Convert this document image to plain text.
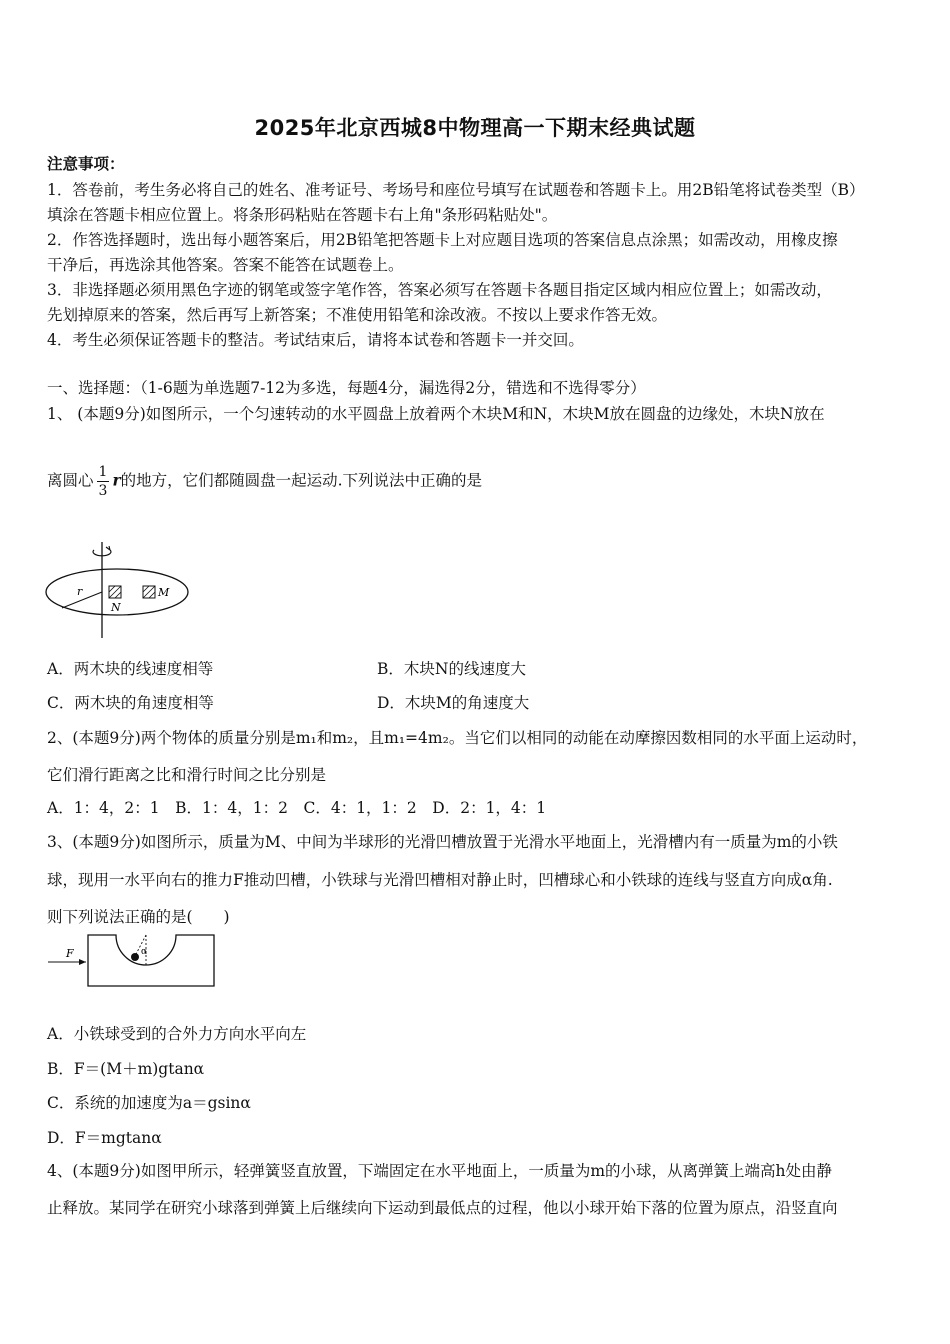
2025年北京西城8中物理高一下期末经典试题
注意事项：
1．答卷前，考生务必将自己的姓名、准考证号、考场号和座位号填写在试题卷和答题卡上。用2B铅笔将试卷类型（B）
填涂在答题卡相应位置上。将条形码粘贴在答题卡右上角"条形码粘贴处"。
2．作答选择题时，选出每小题答案后，用2B铅笔把答题卡上对应题目选项的答案信息点涂黑；如需改动，用橡皮擦
干净后，再选涂其他答案。答案不能答在试题卷上。
3．非选择题必须用黑色字迹的钢笔或签字笔作答，答案必须写在答题卡各题目指定区域内相应位置上；如需改动，
先划掉原来的答案，然后再写上新答案；不准使用铅笔和涂改液。不按以上要求作答无效。
4．考生必须保证答题卡的整洁。考试结束后，请将本试卷和答题卡一并交回。
一、选择题：（1-6题为单选题7-12为多选，每题4分，漏选得2分，错选和不选得零分）
1、 (本题9分)如图所示，一个匀速转动的水平圆盘上放着两个木块M和N，木块M放在圆盘的边缘处，木块N放在
离圆心 $\frac{1}{3}$ r的地方，它们都随圆盘一起运动.下列说法中正确的是
r
N
M
A．两木块的线速度相等	B．木块N的线速度大
C．两木块的角速度相等	D．木块M的角速度大
2、(本题9分)两个物体的质量分别是m₁和m₂，且m₁=4m₂。当它们以相同的动能在动摩擦因数相同的水平面上运动时，
它们滑行距离之比和滑行时间之比分别是
A．1：4，2：1　B．1：4，1：2　C．4：1，1：2　D．2：1，4：1
3、(本题9分)如图所示，质量为M、中间为半球形的光滑凹槽放置于光滑水平地面上，光滑槽内有一质量为m的小铁
球，现用一水平向右的推力F推动凹槽，小铁球与光滑凹槽相对静止时，凹槽球心和小铁球的连线与竖直方向成α角.
则下列说法正确的是(　　)
F	α
A．小铁球受到的合外力方向水平向左
B．F＝(M＋m)gtanα
C．系统的加速度为a＝gsinα
D．F＝mgtanα
4、(本题9分)如图甲所示，轻弹簧竖直放置，下端固定在水平地面上，一质量为m的小球，从离弹簧上端高h处由静
止释放。某同学在研究小球落到弹簧上后继续向下运动到最低点的过程，他以小球开始下落的位置为原点，沿竖直向
